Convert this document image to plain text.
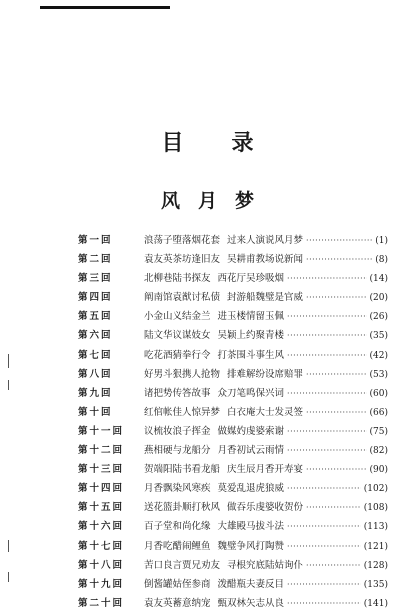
目录
风月梦
第一回	浪荡子堕落烟花套 过来人演说风月梦 ·····	(1)
第二回	袁友英茶坊逢旧友 吴耕甫教场说新闻 ·····	(8)
第三回	北柳巷陆书探友 西花厅吴珍吸烟 ·····	(14)
第四回	阐南馆袁猷讨私债 封游船魏璧是官威 ·····	(20)
第五回	小金山义结金兰 进玉楼情留玉佩 ·····	(26)
第六回	陆文华议谋妓女 吴颖上约聚青楼 ·····	(35)
第七回	吃花酒猜拳行令 打茶围斗事生风 ·····	(42)
第八回	好男斗狠携人抢物 排难解纷设席赔罪 ·····	(53)
第九回	诸把势传答故事 众刀笔鸣保兴词 ·····	(60)
第十回	红倌帐佳人惊异梦 白衣庵大士发灵签 ·····	(66)
第十一回	议梳妆浪子挥金 做媒妁虔婆索谢 ·····	(75)
第十二回	燕相硬与龙船分 月香初试云雨情 ·····	(82)
第十三回	贺端阳陆书看龙船 庆生辰月香开寿宴 ·····	(90)
第十四回	月香飘染风寒疾 莫爱乱退虎狼威 ·····	(102)
第十五回	送花篮卦顺打秋风 做吞乐虔婆收贺份 ·····	(108)
第十六回	百子堂和尚化缘 大雄殿马拔斗法 ·····	(113)
第十七回	月香吃醋闹鲤鱼 魏璧争风打陶赞 ·····	(121)
第十八回	苦口良言贾兄劝友 寻根究底陆姑询仆 ·····	(128)
第十九回	倒酱罐姑侄参商 泼醋瓶夫妻反目 ·····	(135)
第二十回	袁友英蓄意纳宠 甄双林矢志从良 ·····	(141)
